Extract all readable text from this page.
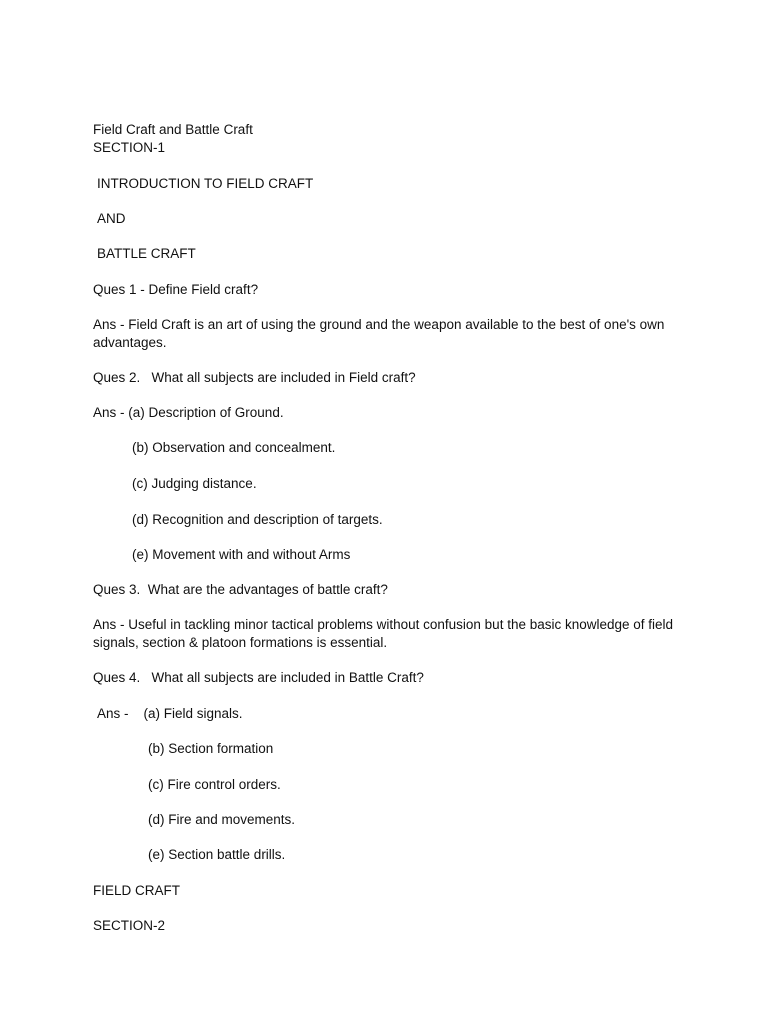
Field Craft and Battle Craft

SECTION-1

INTRODUCTION TO FIELD CRAFT

AND

BATTLE CRAFT

Ques 1 - Define Field craft?

Ans - Field Craft is an art of using the ground and the weapon available to the best of one's own advantages.

Ques 2.   What all subjects are included in Field craft?

Ans - (a) Description of Ground.

(b) Observation and concealment.

(c) Judging distance.

(d) Recognition and description of targets.

(e) Movement with and without Arms

Ques 3.  What are the advantages of battle craft?

Ans - Useful in tackling minor tactical problems without confusion but the basic knowledge of field signals, section & platoon formations is essential.

Ques 4.   What all subjects are included in Battle Craft?

Ans -    (a) Field signals.

(b) Section formation

(c) Fire control orders.

(d) Fire and movements.

(e) Section battle drills.

FIELD CRAFT

SECTION-2
